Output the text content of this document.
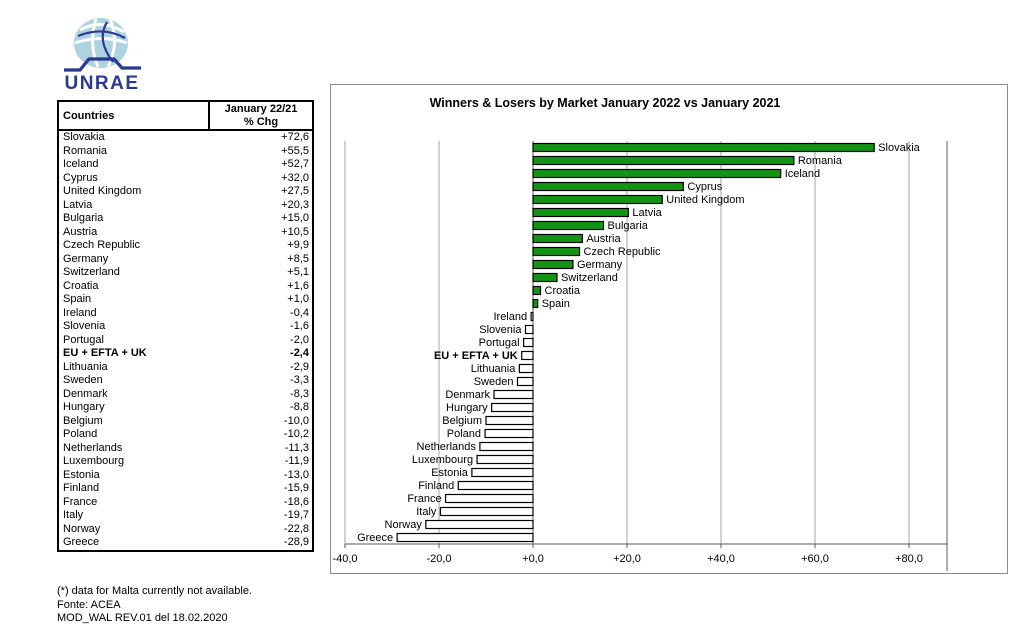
UNRAE
Countries	January 22/21
% Chg

Slovakia	+72,6
Romania	+55,5
Iceland	+52,7
Cyprus	+32,0
United Kingdom	+27,5
Latvia	+20,3
Bulgaria	+15,0
Austria	+10,5
Czech Republic	+9,9
Germany	+8,5
Switzerland	+5,1
Croatia	+1,6
Spain	+1,0
Ireland	-0,4
Slovenia	-1,6
Portugal	-2,0
EU + EFTA + UK	-2,4
Lithuania	-2,9
Sweden	-3,3
Denmark	-8,3
Hungary	-8,8
Belgium	-10,0
Poland	-10,2
Netherlands	-11,3
Luxembourg	-11,9
Estonia	-13,0
Finland	-15,9
France	-18,6
Italy	-19,7
Norway	-22,8
Greece	-28,9
(*) data for Malta currently not available.
Fonte: ACEA
MOD_WAL REV.01 del 18.02.2020
-40,0	-20,0	+0,0	+20,0	+40,0	+60,0	+80,0
Slovakia
Romania
Iceland
Cyprus
United Kingdom
Latvia
Bulgaria
Austria
Czech Republic
Germany
Switzerland
Croatia
Spain
Ireland
Slovenia
Portugal
EU + EFTA + UK
Lithuania
Sweden
Denmark
Hungary
Belgium
Poland
Netherlands
Luxembourg
Estonia
Finland
France
Italy
Norway
Greece
Winners & Losers by Market January 2022 vs January 2021
